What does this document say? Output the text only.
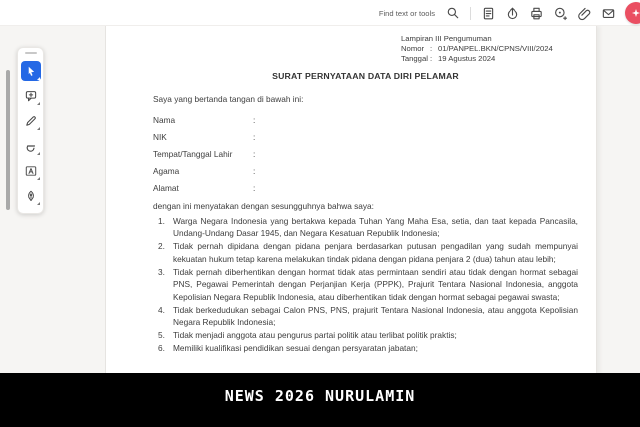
Find text or tools
Lampiran III Pengumuman
Nomor : 01/PANPEL.BKN/CPNS/VIII/2024
Tanggal : 19 Agustus 2024
SURAT PERNYATAAN DATA DIRI PELAMAR
Saya yang bertanda tangan di bawah ini:
Nama	:
NIK	:
Tempat/Tanggal Lahir	:
Agama	:
Alamat	:
dengan ini menyatakan dengan sesungguhnya bahwa saya:
1. Warga Negara Indonesia yang bertakwa kepada Tuhan Yang Maha Esa, setia, dan taat kepada Pancasila, Undang-Undang Dasar 1945, dan Negara Kesatuan Republik Indonesia;
2. Tidak pernah dipidana dengan pidana penjara berdasarkan putusan pengadilan yang sudah mempunyai kekuatan hukum tetap karena melakukan tindak pidana dengan pidana penjara 2 (dua) tahun atau lebih;
3. Tidak pernah diberhentikan dengan hormat tidak atas permintaan sendiri atau tidak dengan hormat sebagai PNS, Pegawai Pemerintah dengan Perjanjian Kerja (PPPK), Prajurit Tentara Nasional Indonesia, anggota Kepolisian Negara Republik Indonesia, atau diberhentikan tidak dengan hormat sebagai pegawai swasta;
4. Tidak berkedudukan sebagai Calon PNS, PNS, prajurit Tentara Nasional Indonesia, atau anggota Kepolisian Negara Republik Indonesia;
5. Tidak menjadi anggota atau pengurus partai politik atau terlibat politik praktis;
6. Memiliki kualifikasi pendidikan sesuai dengan persyaratan jabatan;
NEWS 2026 NURULAMIN
